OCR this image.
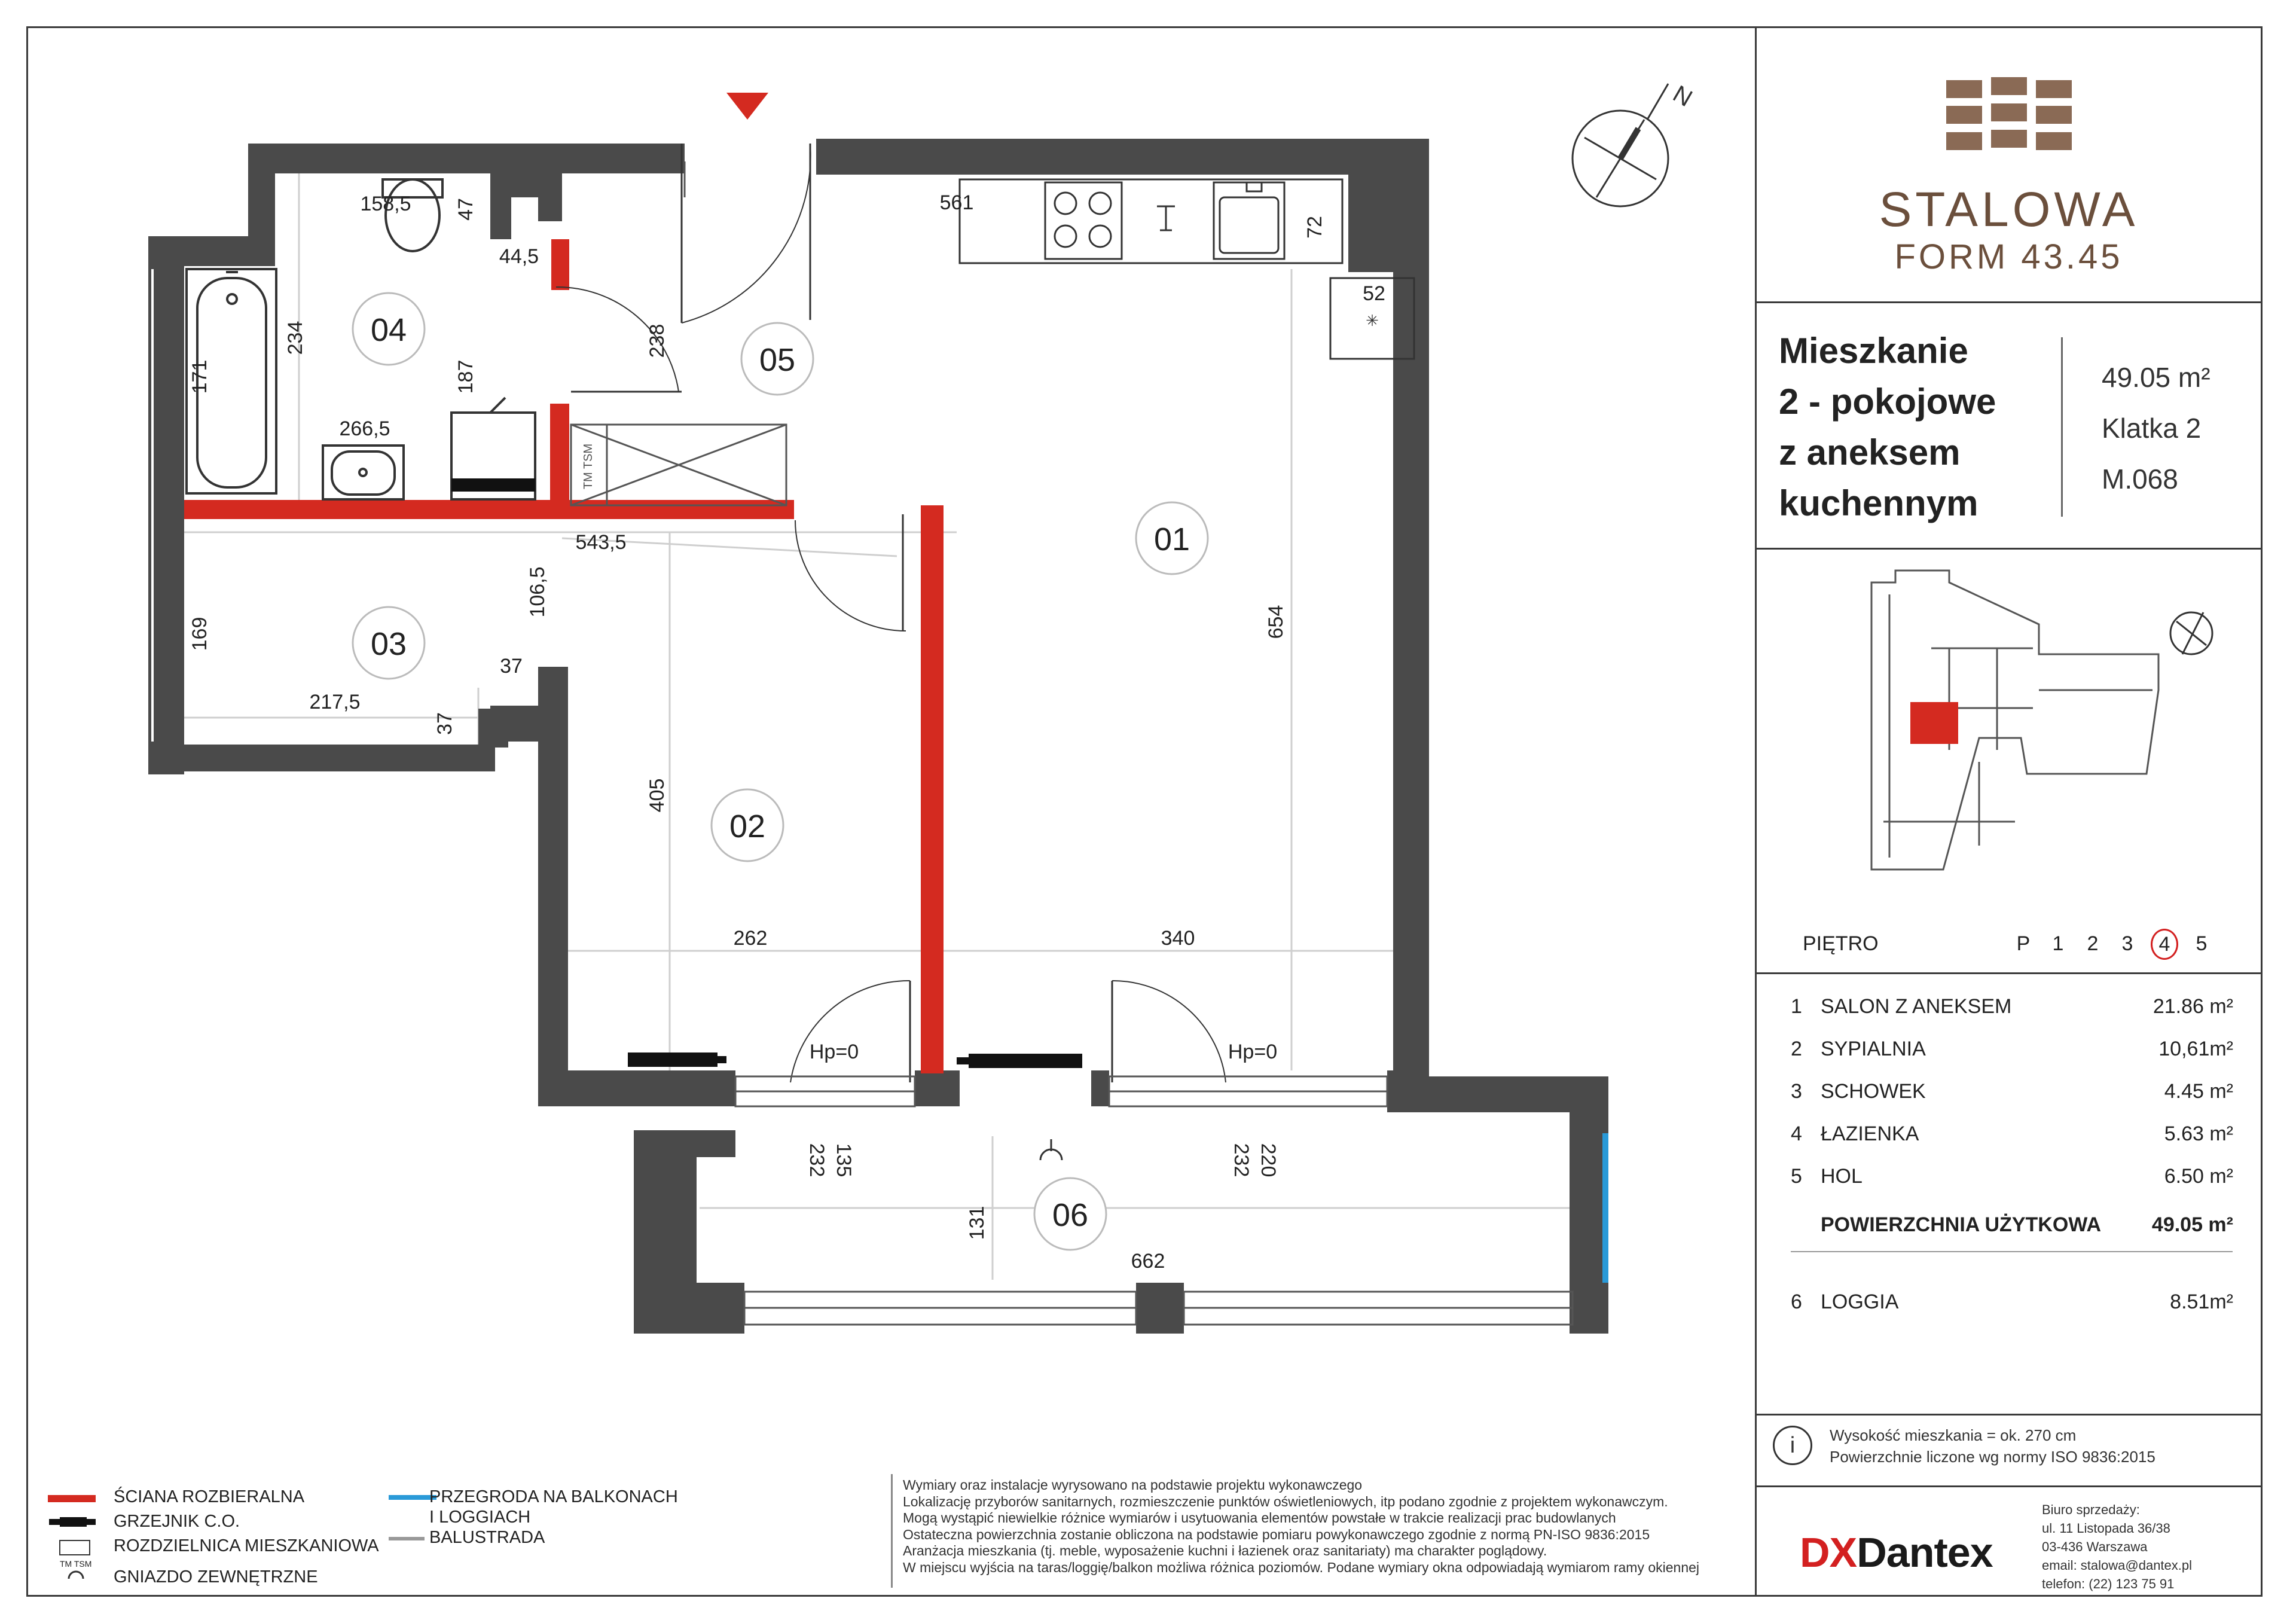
TM TSM
✳
N
04
05
01
03
02
06
158,5 47
44,5
234
171	187
266,5
238
561
72
52
543,5
106,5
169
37
217,5
37
654
405
262	340
135
232	220
232
131
662
Hp=0	Hp=0
ŚCIANA ROZBIERALNA
GRZEJNIK C.O.
ROZDZIELNICA MIESZKANIOWA
GNIAZDO ZEWNĘTRZNE
PRZEGRODA NA BALKONACH
I LOGGIACH
BALUSTRADA
TM TSM
Wymiary oraz instalacje wyrysowano na podstawie projektu wykonawczego
Lokalizację przyborów sanitarnych, rozmieszczenie punktów oświetleniowych, itp podano zgodnie z projektem wykonawczym.
Mogą wystąpić niewielkie różnice wymiarów i usytuowania elementów powstałe w trakcie realizacji prac budowlanych
Ostateczna powierzchnia zostanie obliczona na podstawie pomiaru powykonawczego zgodnie z normą PN-ISO 9836:2015
Aranżacja mieszkania (tj. meble, wyposażenie kuchni i łazienek oraz sanitariaty) ma charakter poglądowy.
W miejscu wyjścia na taras/loggię/balkon możliwa różnica poziomów. Podane wymiary okna odpowiadają wymiarom ramy okiennej
STALOWA
FORM 43.45
Mieszkanie
2 - pokojowe
z aneksem
kuchennym
49.05 m²
Klatka 2
M.068
PIĘTRO	P 1 2 3	4	5
1 SALON Z ANEKSEM	21.86 m²
2 SYPIALNIA	10,61m²
3 SCHOWEK	4.45 m²
4 ŁAZIENKA	5.63 m²
5 HOL	6.50 m²
POWIERZCHNIA UŻYTKOWA 49.05 m²
6 LOGGIA	8.51m²
i	Wysokość mieszkania = ok. 270 cm
Powierzchnie liczone wg normy ISO 9836:2015
DXDantex
Biuro sprzedaży:
ul. 11 Listopada 36/38
03-436 Warszawa
email: stalowa@dantex.pl
telefon: (22) 123 75 91
